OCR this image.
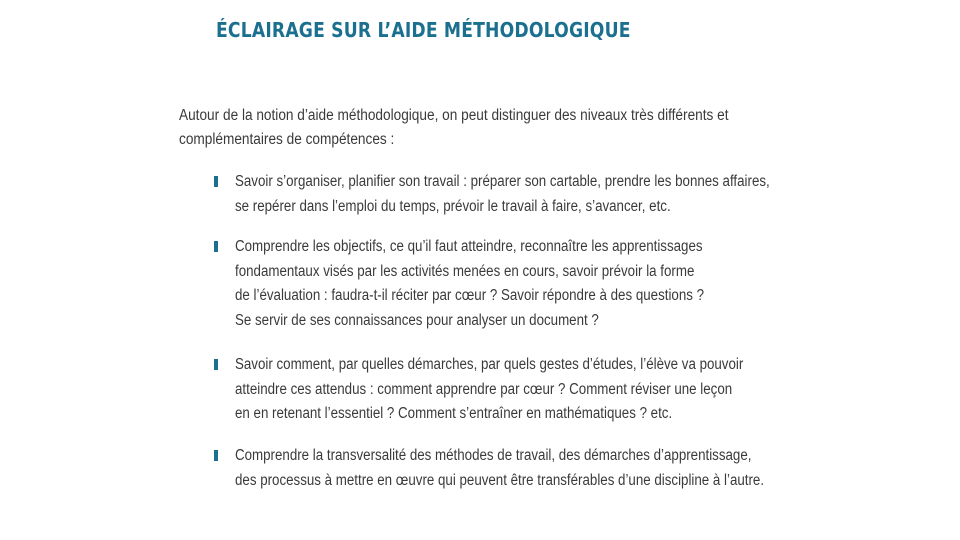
ÉCLAIRAGE SUR L’AIDE MÉTHODOLOGIQUE

Autour de la notion d’aide méthodologique, on peut distinguer des niveaux très différents et
complémentaires de compétences :

Savoir s’organiser, planifier son travail : préparer son cartable, prendre les bonnes affaires,
se repérer dans l’emploi du temps, prévoir le travail à faire, s’avancer, etc.
Comprendre les objectifs, ce qu’il faut atteindre, reconnaître les apprentissages
fondamentaux visés par les activités menées en cours, savoir prévoir la forme
de l’évaluation : faudra-t-il réciter par cœur ? Savoir répondre à des questions ?
Se servir de ses connaissances pour analyser un document ?
Savoir comment, par quelles démarches, par quels gestes d’études, l’élève va pouvoir
atteindre ces attendus : comment apprendre par cœur ? Comment réviser une leçon
en en retenant l’essentiel ? Comment s’entraîner en mathématiques ? etc.
Comprendre la transversalité des méthodes de travail, des démarches d’apprentissage,
des processus à mettre en œuvre qui peuvent être transférables d’une discipline à l’autre.
